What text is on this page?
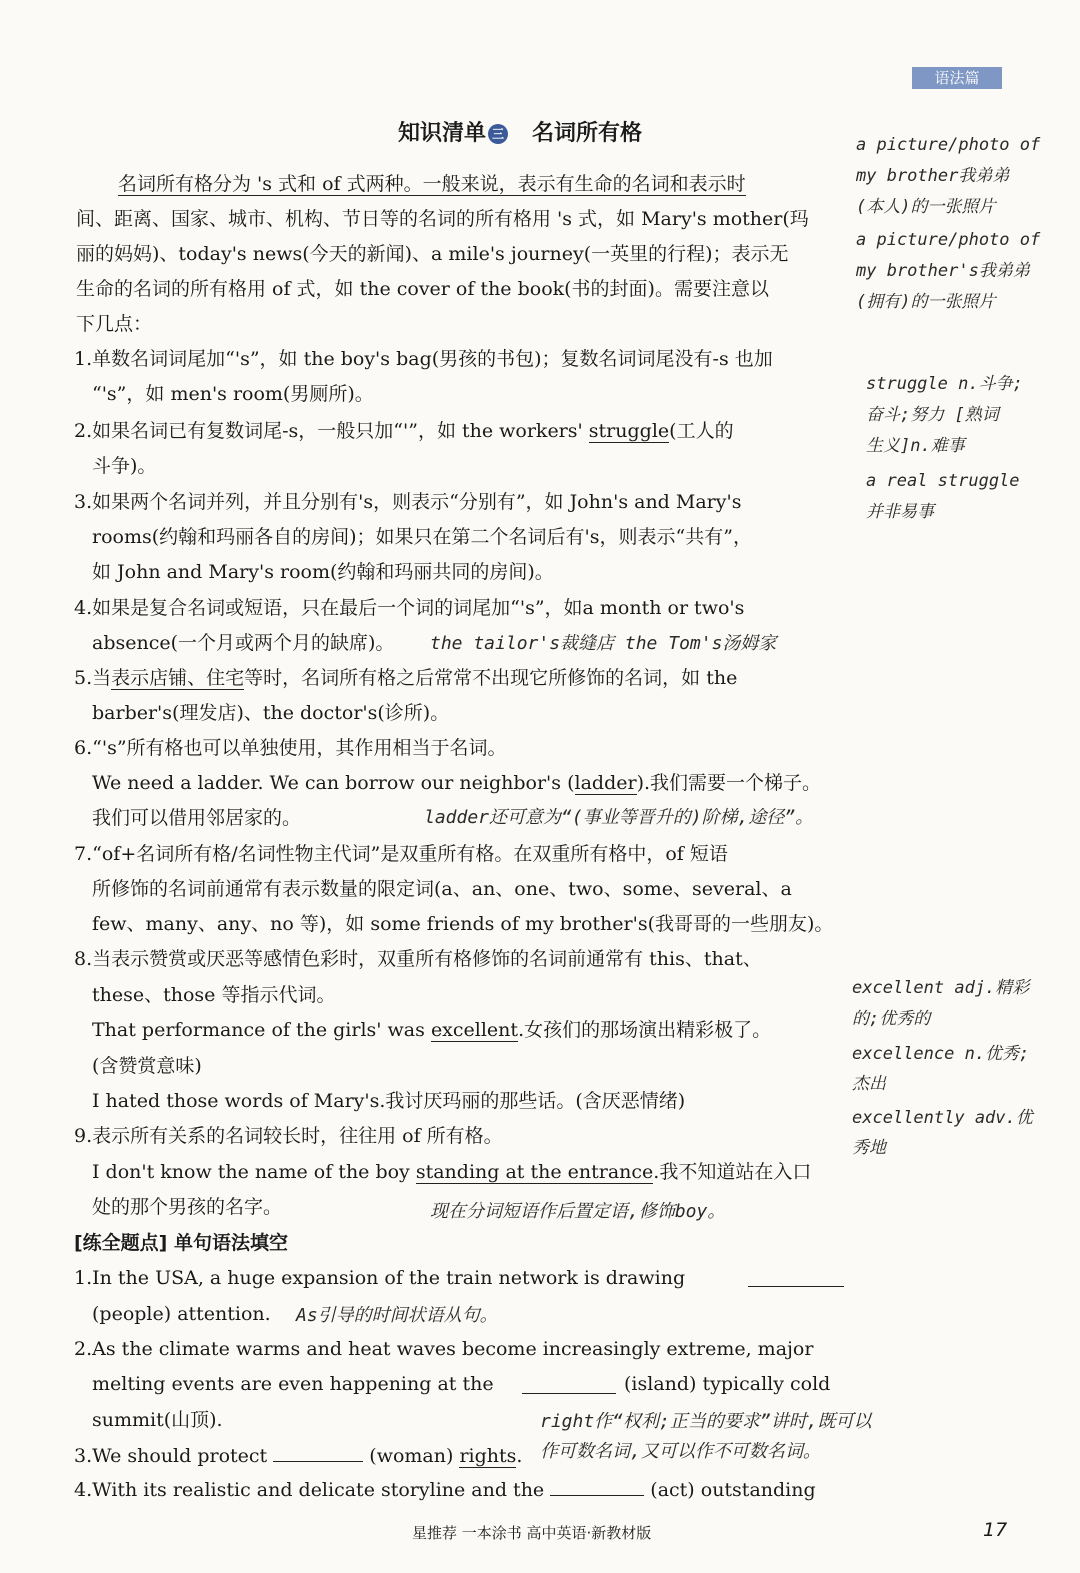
语法篇
知识清单 三 名词所有格
名词所有格分为 's 式和 of 式两种。一般来说，表示有生命的名词和表示时
间、距离、国家、城市、机构、节日等的名词的所有格用 's 式，如 Mary's mother(玛
丽的妈妈)、today's news(今天的新闻)、a mile's journey(一英里的行程)；表示无
生命的名词的所有格用 of 式，如 the cover of the book(书的封面)。需要注意以
下几点：
1.单数名词词尾加“'s”，如 the boy's bag(男孩的书包)；复数名词词尾没有-s 也加
“'s”，如 men's room(男厕所)。
2.如果名词已有复数词尾-s，一般只加“'”，如 the workers' struggle(工人的
斗争)。
3.如果两个名词并列，并且分别有's，则表示“分别有”，如 John's and Mary's
rooms(约翰和玛丽各自的房间)；如果只在第二个名词后有's，则表示“共有”，
如 John and Mary's room(约翰和玛丽共同的房间)。
4.如果是复合名词或短语，只在最后一个词的词尾加“'s”，如a month or two's
absence(一个月或两个月的缺席)。 the tailor's裁缝店 the Tom's汤姆家
5.当表示店铺、住宅等时，名词所有格之后常常不出现它所修饰的名词，如 the
barber's(理发店)、the doctor's(诊所)。
6.“'s”所有格也可以单独使用，其作用相当于名词。
We need a ladder. We can borrow our neighbor's (ladder).我们需要一个梯子。
我们可以借用邻居家的。	ladder还可意为“(事业等晋升的)阶梯,途径”。
7.“of+名词所有格/名词性物主代词”是双重所有格。在双重所有格中，of 短语
所修饰的名词前通常有表示数量的限定词(a、an、one、two、some、several、a
few、many、any、no 等)，如 some friends of my brother's(我哥哥的一些朋友)。
8.当表示赞赏或厌恶等感情色彩时，双重所有格修饰的名词前通常有 this、that、
these、those 等指示代词。
That performance of the girls' was excellent.女孩们的那场演出精彩极了。
(含赞赏意味)
I hated those words of Mary's.我讨厌玛丽的那些话。(含厌恶情绪)
9.表示所有关系的名词较长时，往往用 of 所有格。
I don't know the name of the boy standing at the entrance.我不知道站在入口
处的那个男孩的名字。	现在分词短语作后置定语,修饰boy。
[练全题点] 单句语法填空
1.In the USA, a huge expansion of the train network is drawing
(people) attention. As引导的时间状语从句。
2.As the climate warms and heat waves become increasingly extreme, major
melting events are even happening at the	(island) typically cold
summit(山顶).
3.We should protect	(woman) rights.
right作“权利;正当的要求”讲时,既可以
作可数名词,又可以作不可数名词。
4.With its realistic and delicate storyline and the	(act) outstanding
a picture/photo of
my brother我弟弟
(本人)的一张照片
a picture/photo of
my brother's我弟弟
(拥有)的一张照片
struggle n.斗争;
奋斗;努力 [熟词
生义]n.难事
a real struggle
并非易事
excellent adj.精彩
的;优秀的
excellence n.优秀;
杰出
excellently adv.优
秀地
星推荐 一本涂书 高中英语·新教材版	17
